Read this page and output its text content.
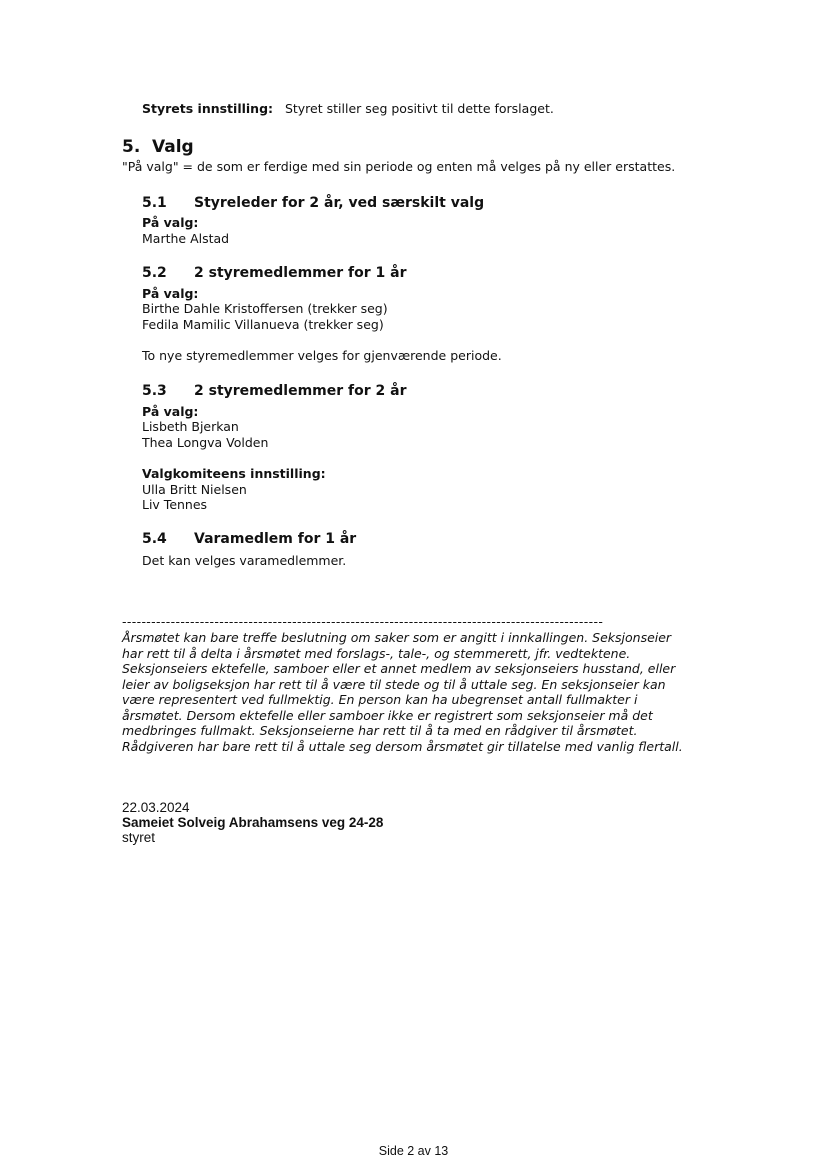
Styrets innstilling: Styret stiller seg positivt til dette forslaget.
5. Valg
"På valg" = de som er ferdige med sin periode og enten må velges på ny eller erstattes.
5.1 Styreleder for 2 år, ved særskilt valg
På valg:
Marthe Alstad
5.2 2 styremedlemmer for 1 år
På valg:
Birthe Dahle Kristoffersen (trekker seg)
Fedila Mamilic Villanueva (trekker seg)
To nye styremedlemmer velges for gjenværende periode.
5.3 2 styremedlemmer for 2 år
På valg:
Lisbeth Bjerkan
Thea Longva Volden
Valgkomiteens innstilling:
Ulla Britt Nielsen
Liv Tennes
5.4 Varamedlem for 1 år
Det kan velges varamedlemmer.
---------------------------------------------------------------------------------------------------
Årsmøtet kan bare treffe beslutning om saker som er angitt i innkallingen. Seksjonseier
har rett til å delta i årsmøtet med forslags-, tale-, og stemmerett, jfr. vedtektene.
Seksjonseiers ektefelle, samboer eller et annet medlem av seksjonseiers husstand, eller
leier av boligseksjon har rett til å være til stede og til å uttale seg. En seksjonseier kan
være representert ved fullmektig. En person kan ha ubegrenset antall fullmakter i
årsmøtet. Dersom ektefelle eller samboer ikke er registrert som seksjonseier må det
medbringes fullmakt. Seksjonseierne har rett til å ta med en rådgiver til årsmøtet.
Rådgiveren har bare rett til å uttale seg dersom årsmøtet gir tillatelse med vanlig flertall.
22.03.2024
Sameiet Solveig Abrahamsens veg 24-28
styret
Side 2 av 13
